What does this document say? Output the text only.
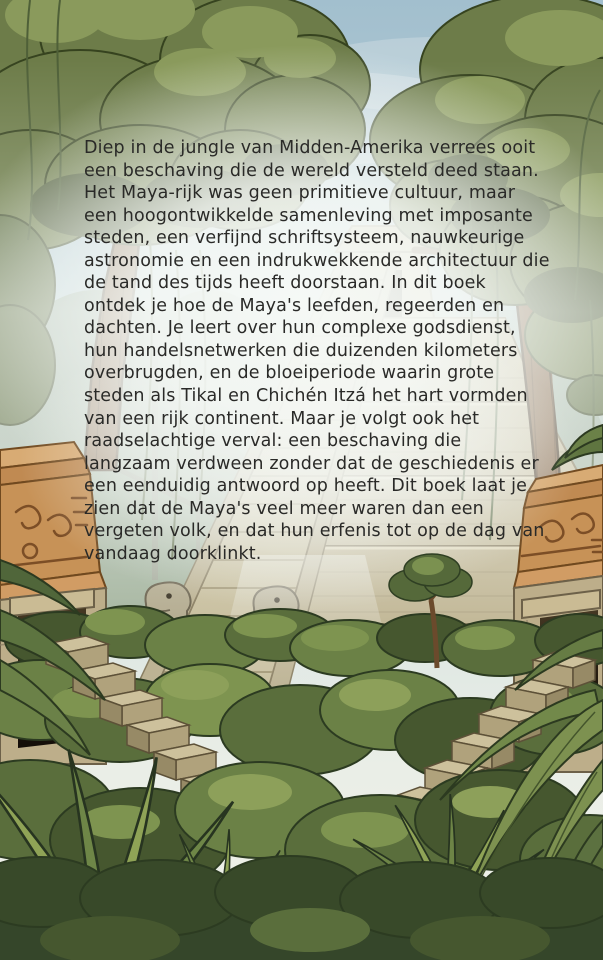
Diep in de jungle van Midden-Amerika verrees ooit
een beschaving die de wereld versteld deed staan.
Het Maya-rijk was geen primitieve cultuur, maar
een hoogontwikkelde samenleving met imposante
steden, een verfijnd schriftsysteem, nauwkeurige
astronomie en een indrukwekkende architectuur die
de tand des tijds heeft doorstaan. In dit boek
ontdek je hoe de Maya's leefden, regeerden en
dachten. Je leert over hun complexe godsdienst,
hun handelsnetwerken die duizenden kilometers
overbrugden, en de bloeiperiode waarin grote
steden als Tikal en Chichén Itzá het hart vormden
van een rijk continent. Maar je volgt ook het
raadselachtige verval: een beschaving die
langzaam verdween zonder dat de geschiedenis er
een eenduidig antwoord op heeft. Dit boek laat je
zien dat de Maya's veel meer waren dan een
vergeten volk, en dat hun erfenis tot op de dag van
vandaag doorklinkt.
